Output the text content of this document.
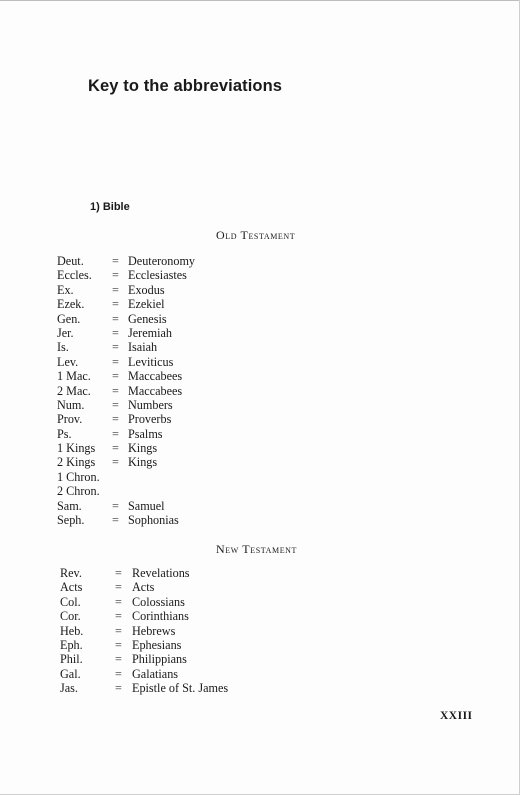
Key to the abbreviations
1) Bible
Old Testament
Deut. = Deuteronomy
Eccles. = Ecclesiastes
Ex.	= Exodus
Ezek. = Ezekiel
Gen.	= Genesis
Jer.	= Jeremiah
Is.	= Isaiah
Lev.	= Leviticus
1 Mac. = Maccabees
2 Mac. = Maccabees
Num. = Numbers
Prov. = Proverbs
Ps.	= Psalms
1 Kings = Kings
2 Kings = Kings
1 Chron.
2 Chron.
Sam. = Samuel
Seph. = Sophonias
New Testament
Rev.	= Revelations
Acts	= Acts
Col.	= Colossians
Cor.	= Corinthians
Heb.	= Hebrews
Eph.	= Ephesians
Phil.	= Philippians
Gal.	= Galatians
Jas.	= Epistle of St. James
XXIII
